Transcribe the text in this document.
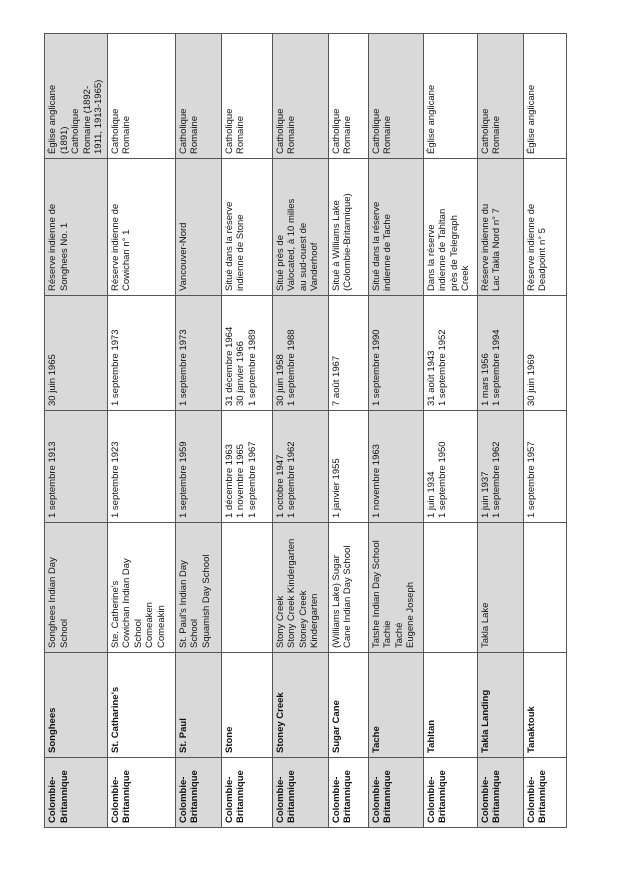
Colombie- Britannique	Songhees	Songhees Indian Day School	1 septembre 1913	30 juin 1965	Réserve indienne de Songhees No. 1	Église anglicane (1891) Catholique Romaine (1892- 1911, 1913-1965)

Colombie- Britannique	St. Catharine's	Ste. Catherine's Cowichan Indian Day School Comeaken Comeakin	1 septembre 1923	1 septembre 1973	Réserve indienne de Cowichan n° 1	Catholique Romaine

Colombie- Britannique	St. Paul	St. Paul's Indian Day School Squamish Day School	1 septembre 1959	1 septembre 1973	Vancouver-Nord	Catholique Romaine

Colombie- Britannique	Stone		1 décembre 1963 1 novembre 1965 1 septembre 1967	31 décembre 1964 30 janvier 1966 1 septembre 1989	Situé dans la réserve indienne de Stone	Catholique Romaine

Colombie- Britannique	Stoney Creek	Stony Creek Stony Creek Kindergarten Stoney Creek Kindergarten	1 octobre 1947 1 septembre 1962	30 juin 1958 1 septembre 1988	Situé près de Valocated, à 10 milles au sud-ouest de Vanderhoof	Catholique Romaine

Colombie- Britannique	Sugar Cane	(Williams Lake) Sugar Cane Indian Day School	1 janvier 1955	7 août 1967	Situé à Williams Lake (Colombie-Britannique)	Catholique Romaine

Colombie- Britannique	Tache	Tatshe Indian Day School Tachie Taché Eugene Joseph	1 novembre 1963	1 septembre 1990	Situé dans la réserve indienne de Tache	Catholique Romaine

Colombie- Britannique	Tahltan		1 juin 1934 1 septembre 1950	31 août 1943 1 septembre 1952	Dans la réserve indienne de Tahltan près de Telegraph Creek	Église anglicane

Colombie- Britannique	Takla Landing	Takla Lake	1 juin 1937 1 septembre 1962	1 mars 1956 1 septembre 1994	Réserve indienne du Lac Takla Nord n° 7	Catholique Romaine

Colombie- Britannique	Tanaktouk		1 septembre 1957	30 juin 1969	Réserve indienne de Deadpoint n° 5	Église anglicane
